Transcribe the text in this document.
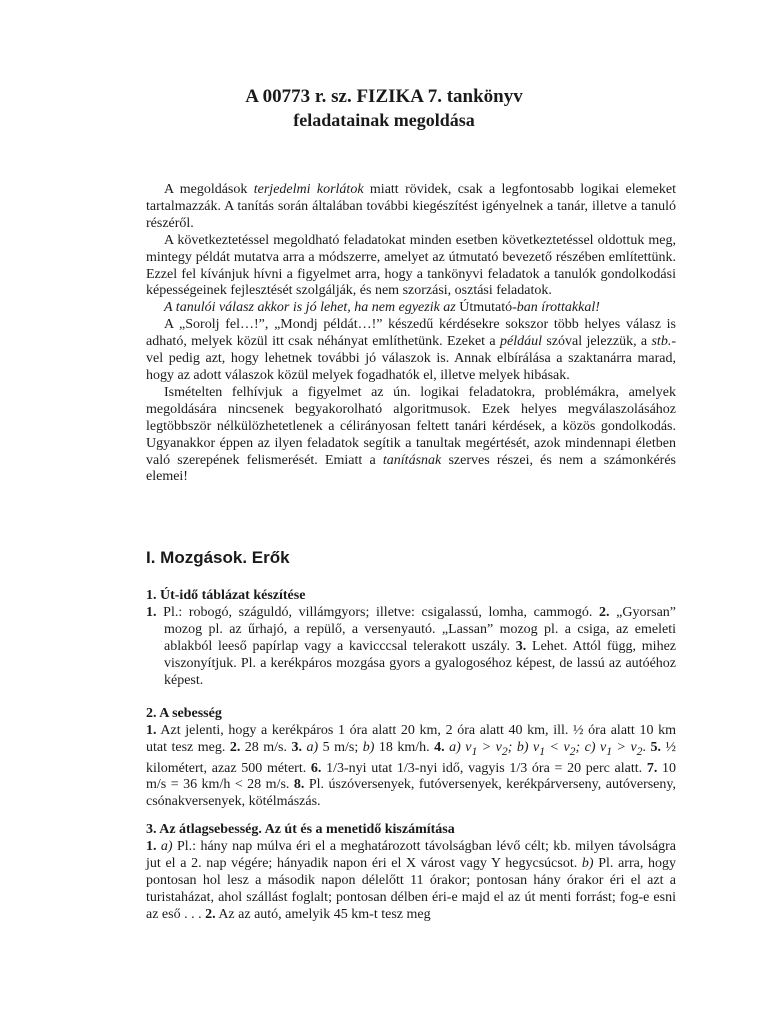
A 00773 r. sz. FIZIKA 7. tankönyv
feladatainak megoldása

A megoldások terjedelmi korlátok miatt rövidek, csak a legfontosabb logikai elemeket tartalmazzák. A tanítás során általában további kiegészítést igényelnek a tanár, illetve a tanuló részéről.

A következtetéssel megoldható feladatokat minden esetben következtetéssel oldottuk meg, mintegy példát mutatva arra a módszerre, amelyet az útmutató bevezető részében említettünk. Ezzel fel kívánjuk hívni a figyelmet arra, hogy a tankönyvi feladatok a tanulók gondolkodási képességeinek fejlesztését szolgálják, és nem szorzási, osztási feladatok.

A tanulói válasz akkor is jó lehet, ha nem egyezik az Útmutató-ban írottakkal!

A „Sorolj fel…!”, „Mondj példát…!” készedű kérdésekre sokszor több helyes válasz is adható, melyek közül itt csak néhányat említhetünk. Ezeket a például szóval jelezzük, a stb.-vel pedig azt, hogy lehetnek további jó válaszok is. Annak elbírálása a szaktanárra marad, hogy az adott válaszok közül melyek fogadhatók el, illetve melyek hibásak.

Ismételten felhívjuk a figyelmet az ún. logikai feladatokra, problémákra, amelyek megoldására nincsenek begyakorolható algoritmusok. Ezek helyes megválaszolásához legtöbbször nélkülözhetetlenek a célirányosan feltett tanári kérdések, a közös gondolkodás. Ugyanakkor éppen az ilyen feladatok segítik a tanultak megértését, azok mindennapi életben való szerepének felismerését. Emiatt a tanításnak szerves részei, és nem a számonkérés elemei!

I. Mozgások. Erők
1. Út-idő táblázat készítése

1. Pl.: robogó, száguldó, villámgyors; illetve: csigalassú, lomha, cammogó. 2. „Gyorsan” mozog pl. az űrhajó, a repülő, a versenyautó. „Lassan” mozog pl. a csiga, az emeleti ablakból leeső papírlap vagy a kavicccsal telerakott uszály. 3. Lehet. Attól függ, mihez viszonyítjuk. Pl. a kerékpáros mozgása gyors a gyalogoséhoz képest, de lassú az autóéhoz képest.

2. A sebesség

1. Azt jelenti, hogy a kerékpáros 1 óra alatt 20 km, 2 óra alatt 40 km, ill. ½ óra alatt 10 km utat tesz meg. 2. 28 m/s. 3. a) 5 m/s; b) 18 km/h. 4. a) $v_1 > v_2$; b) $v_1 < v_2$; c) $v_1 > v_2$. 5. ½ kilométert, azaz 500 métert. 6. 1/3-nyi utat 1/3-nyi idő, vagyis 1/3 óra = 20 perc alatt. 7. 10 m/s = 36 km/h < 28 m/s. 8. Pl. úszóversenyek, futóversenyek, kerékpárverseny, autóverseny, csónakversenyek, kötélmászás.

3. Az átlagsebesség. Az út és a menetidő kiszámítása

1. a) Pl.: hány nap múlva éri el a meghatározott távolságban lévő célt; kb. milyen távolságra jut el a 2. nap végére; hányadik napon éri el X várost vagy Y hegycsúcsot. b) Pl. arra, hogy pontosan hol lesz a második napon délelőtt 11 órakor; pontosan hány órakor éri el azt a turistaházat, ahol szállást foglalt; pontosan délben éri-e majd el az út menti forrást; fog-e esni az eső . . . 2. Az az autó, amelyik 45 km-t tesz meg
